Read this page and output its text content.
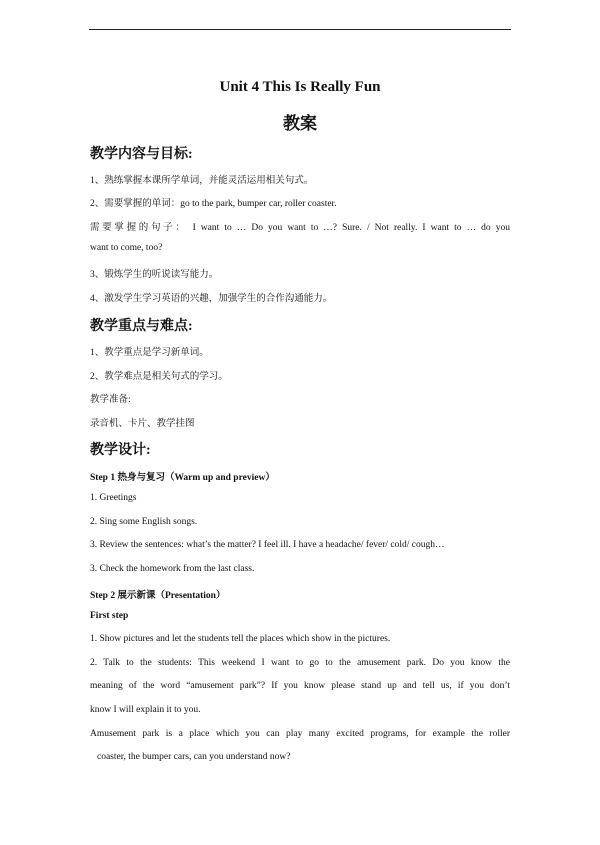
Unit 4 This Is Really Fun
教案
教学内容与目标:
1、熟练掌握本课所学单词，并能灵活运用相关句式。
2、需要掌握的单词：go to the park, bumper car, roller coaster.
需要掌握的句子： I want to … Do you want to …? Sure. / Not really. I want to … do you
want to come, too?
3、锻炼学生的听说读写能力。
4、激发学生学习英语的兴趣，加强学生的合作沟通能力。
教学重点与难点:
1、教学重点是学习新单词。
2、教学难点是相关句式的学习。
教学准备:
录音机、卡片、教学挂图
教学设计:
Step 1 热身与复习（Warm up and preview）
1. Greetings
2. Sing some English songs.
3. Review the sentences: what’s the matter? I feel ill. I have a headache/ fever/ cold/ cough…
3. Check the homework from the last class.
Step 2 展示新课（Presentation）
First step
1. Show pictures and let the students tell the places which show in the pictures.
2. Talk to the students: This weekend I want to go to the amusement park. Do you know the
meaning of the word “amusement park”? If you know please stand up and tell us, if you don’t
know I will explain it to you.
Amusement park is a place which you can play many excited programs, for example the roller
coaster, the bumper cars, can you understand now?
